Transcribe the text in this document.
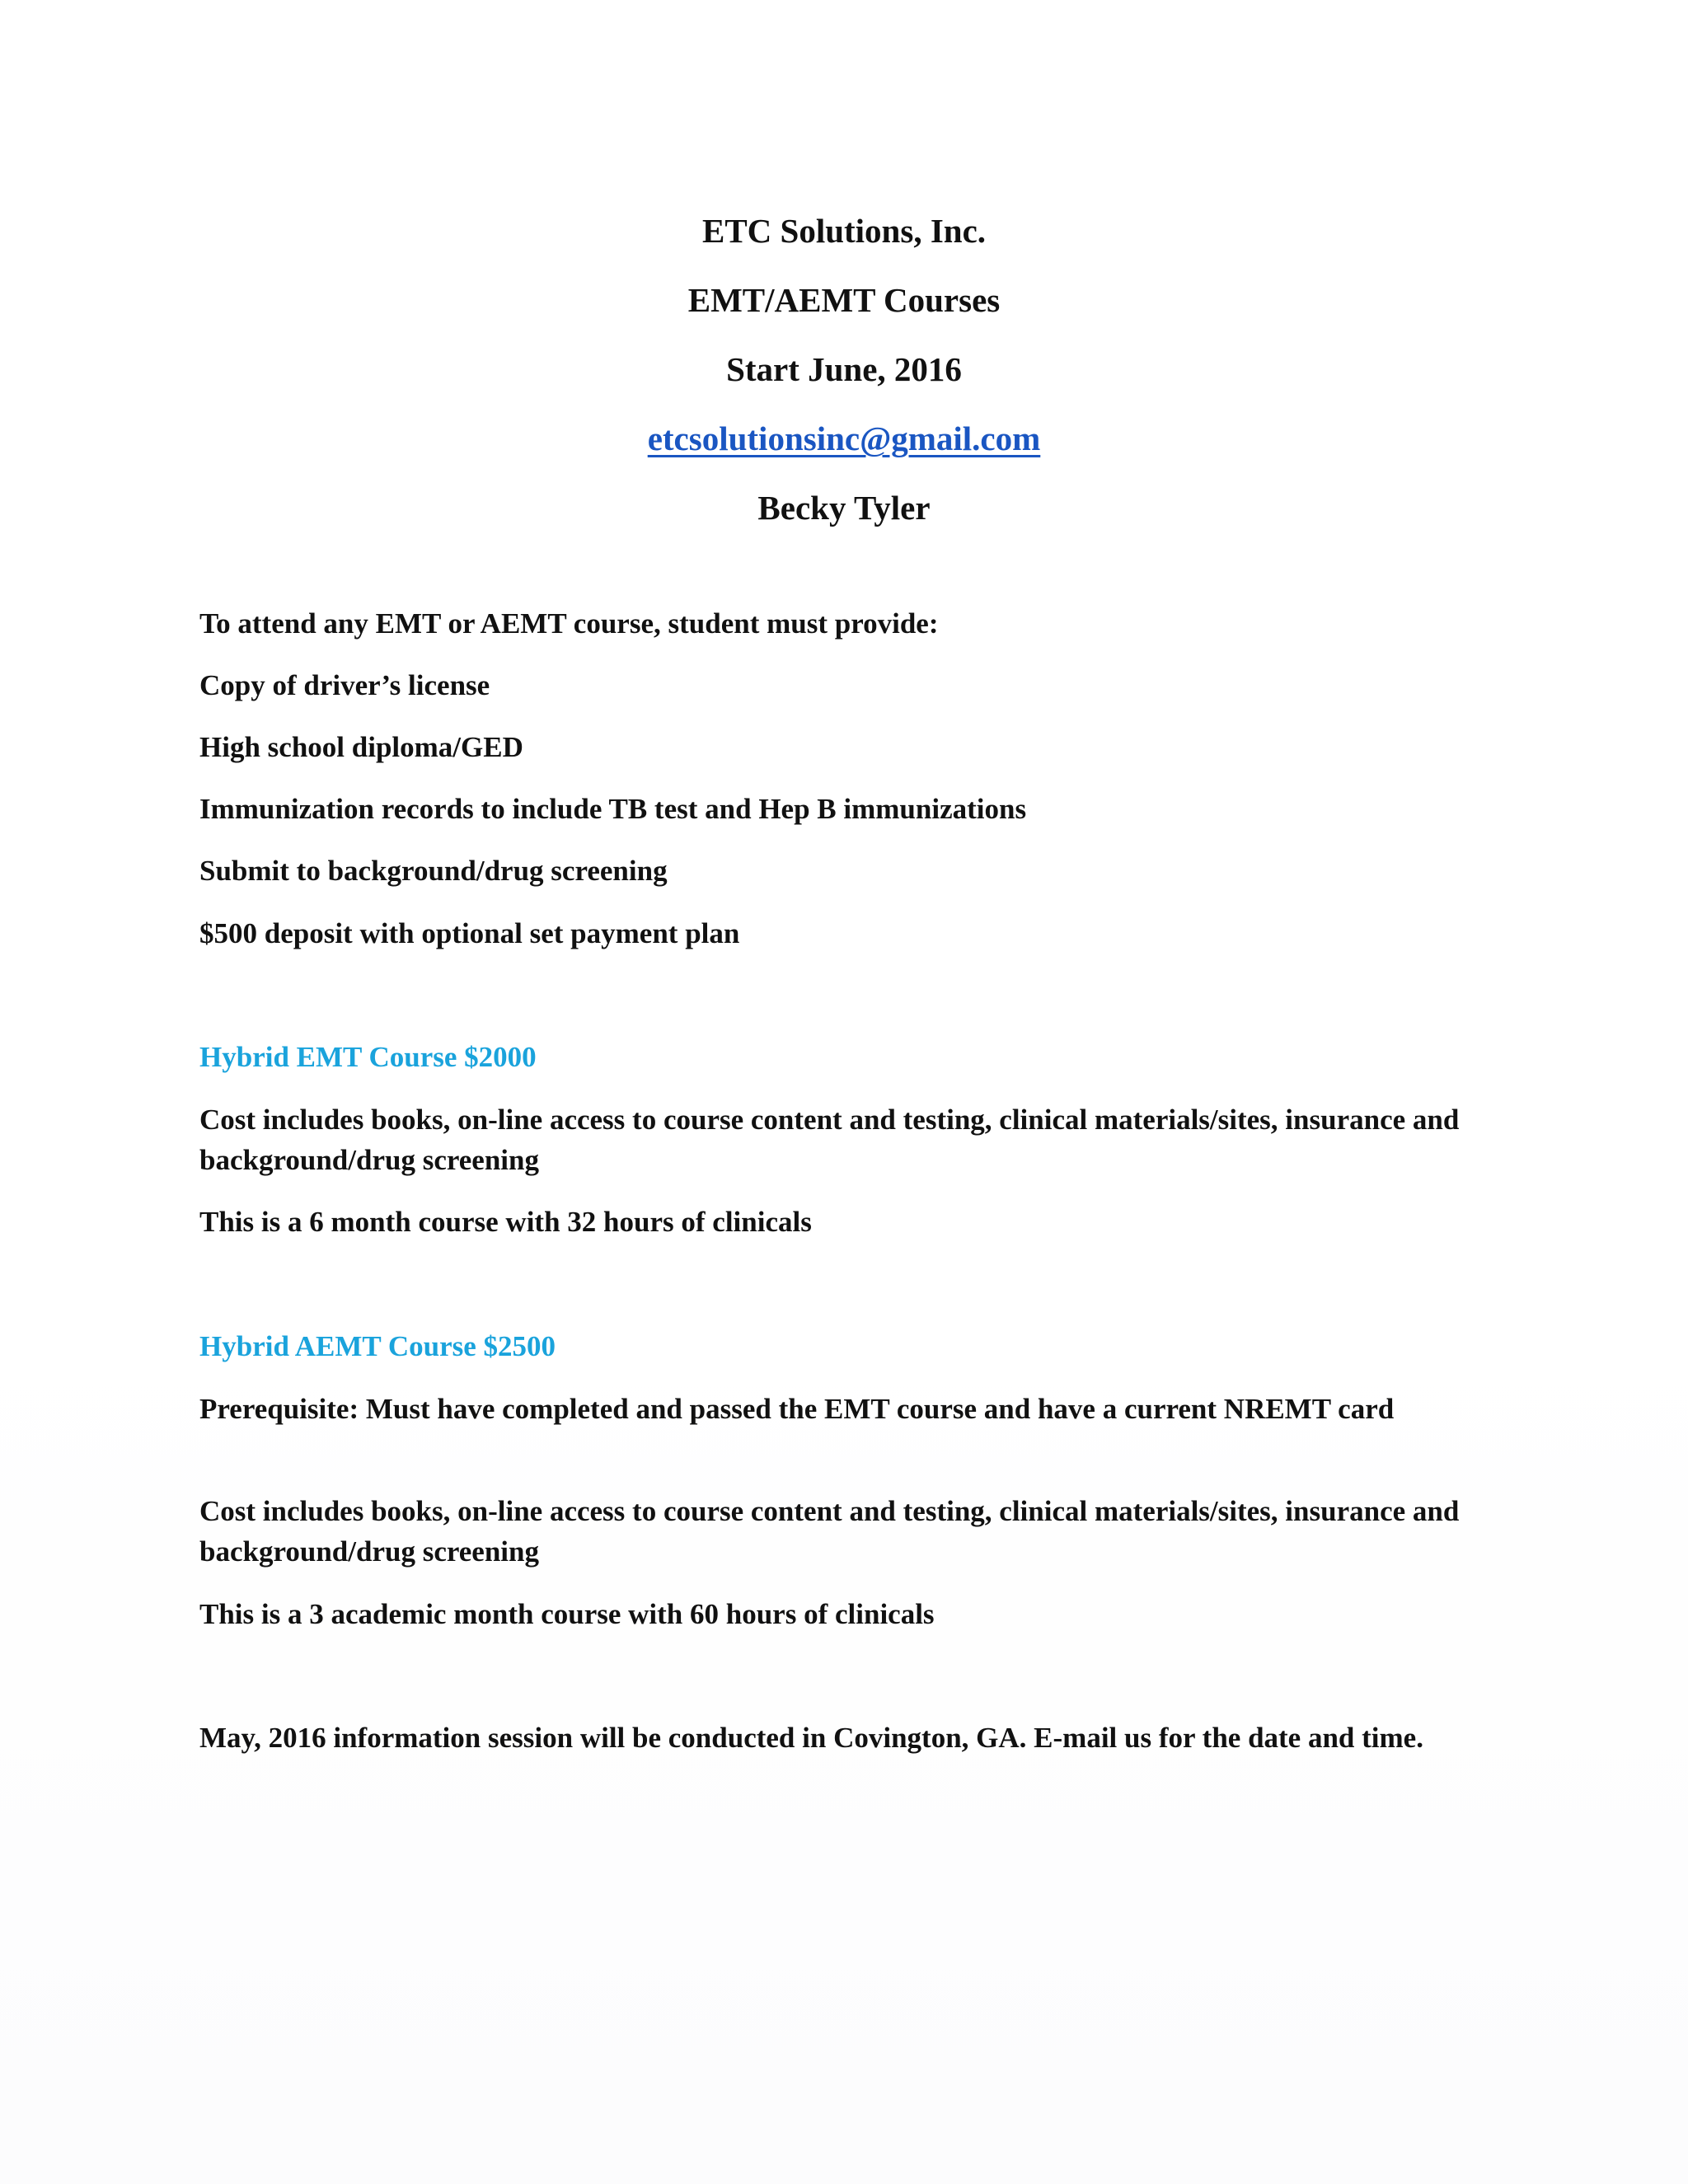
ETC Solutions, Inc.
EMT/AEMT Courses
Start June, 2016
etcsolutionsinc@gmail.com
Becky Tyler
To attend any EMT or AEMT course, student must provide:
Copy of driver’s license
High school diploma/GED
Immunization records to include TB test and Hep B immunizations
Submit to background/drug screening
$500 deposit with optional set payment plan
Hybrid EMT Course $2000
Cost includes books, on-line access to course content and testing, clinical materials/sites, insurance and background/drug screening
This is a 6 month course with 32 hours of clinicals
Hybrid AEMT Course $2500
Prerequisite: Must have completed and passed the EMT course and have a current NREMT card
Cost includes books, on-line access to course content and testing, clinical materials/sites, insurance and background/drug screening
This is a 3 academic month course with 60 hours of clinicals
May, 2016 information session will be conducted in Covington, GA. E-mail us for the date and time.
